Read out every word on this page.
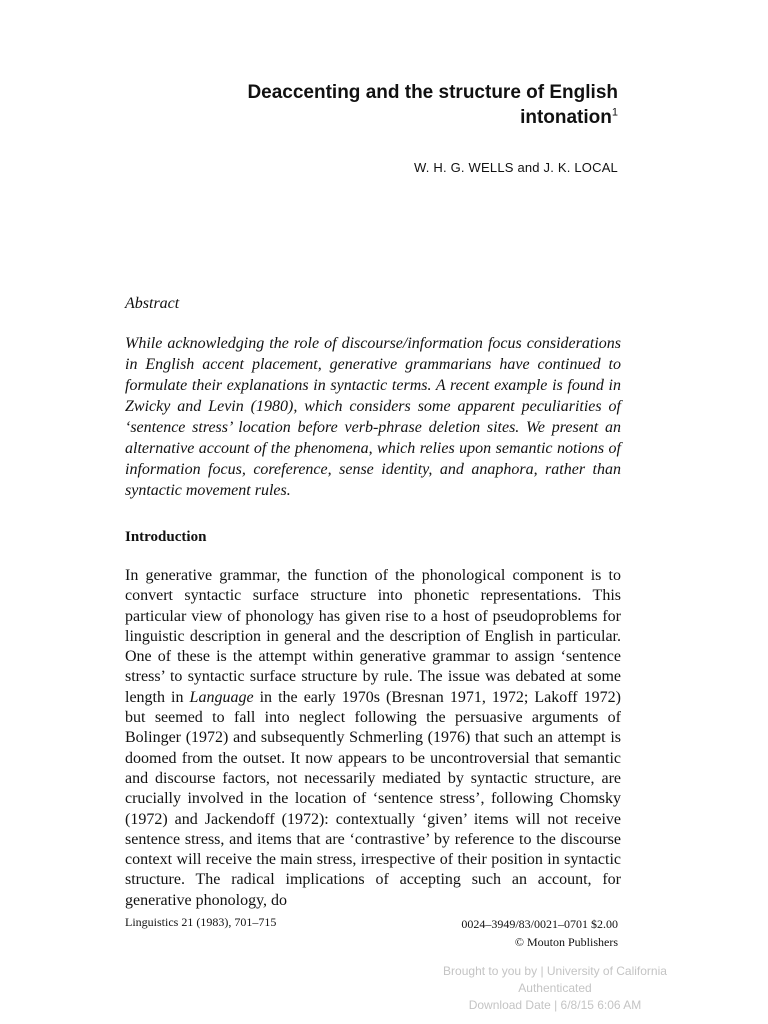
Deaccenting and the structure of English
intonation$^1$
W. H. G. WELLS and J. K. LOCAL
Abstract
While acknowledging the role of discourse/information focus considerations in English accent placement, generative grammarians have continued to formulate their explanations in syntactic terms. A recent example is found in Zwicky and Levin (1980), which considers some apparent peculiarities of ‘sentence stress’ location before verb-phrase deletion sites. We present an alternative account of the phenomena, which relies upon semantic notions of information focus, coreference, sense identity, and anaphora, rather than syntactic movement rules.
Introduction
In generative grammar, the function of the phonological component is to convert syntactic surface structure into phonetic representations. This particular view of phonology has given rise to a host of pseudoproblems for linguistic description in general and the description of English in particular. One of these is the attempt within generative grammar to assign ‘sentence stress’ to syntactic surface structure by rule. The issue was debated at some length in Language in the early 1970s (Bresnan 1971, 1972; Lakoff 1972) but seemed to fall into neglect following the persuasive arguments of Bolinger (1972) and subsequently Schmerling (1976) that such an attempt is doomed from the outset. It now appears to be uncontroversial that semantic and discourse factors, not necessarily mediated by syntactic structure, are crucially involved in the location of ‘sentence stress’, following Chomsky (1972) and Jackendoff (1972): contextually ‘given’ items will not receive sentence stress, and items that are ‘contrastive’ by reference to the discourse context will receive the main stress, irrespective of their position in syntactic structure. The radical implications of accepting such an account, for generative phonology, do
Linguistics 21 (1983), 701–715	0024–3949/83/0021–0701 $2.00
© Mouton Publishers
Brought to you by | University of California
Authenticated
Download Date | 6/8/15 6:06 AM
